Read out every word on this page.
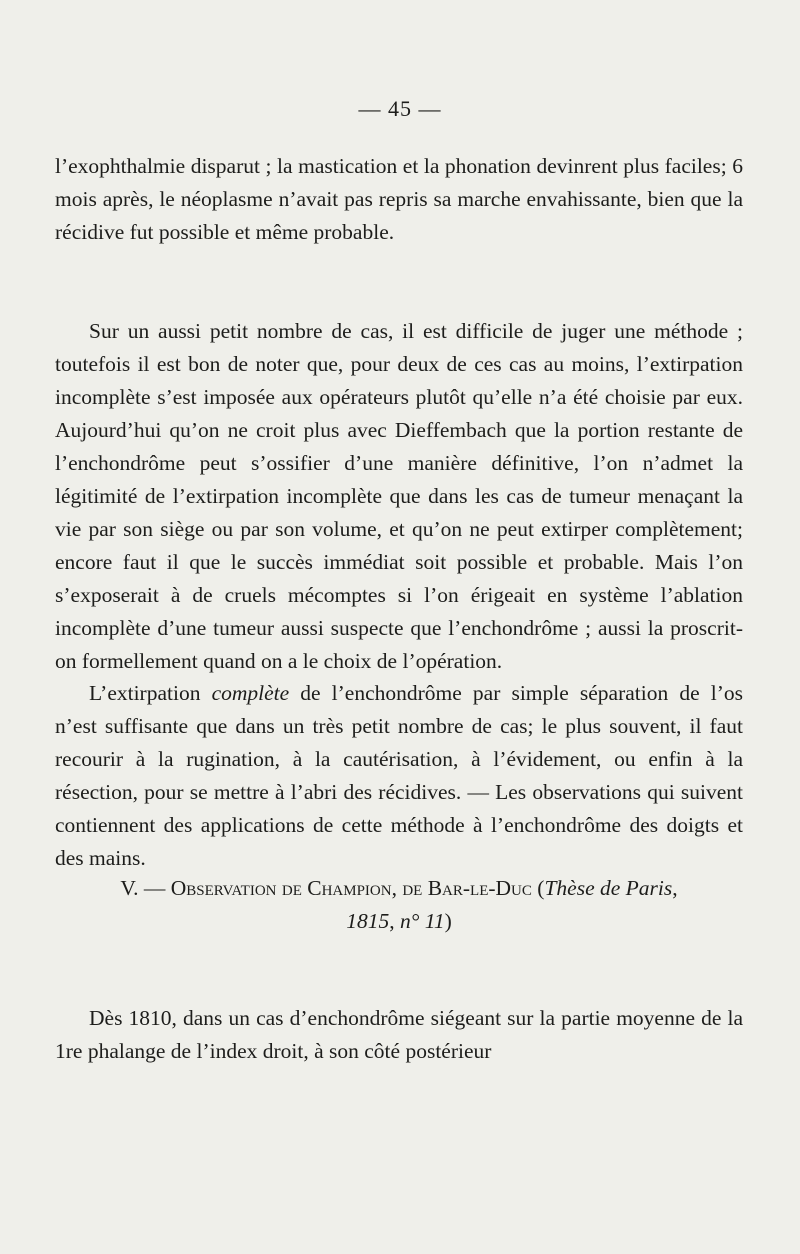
— 45 —

l’exophthalmie disparut ; la mastication et la phonation devinrent plus faciles; 6 mois après, le néoplasme n’avait pas repris sa marche envahissante, bien que la récidive fut possible et même probable.

Sur un aussi petit nombre de cas, il est difficile de juger une méthode ; toutefois il est bon de noter que, pour deux de ces cas au moins, l’extirpation incomplète s’est imposée aux opérateurs plutôt qu’elle n’a été choisie par eux. Aujourd’hui qu’on ne croit plus avec Dieffembach que la portion restante de l’enchondrôme peut s’ossifier d’une manière définitive, l’on n’admet la légitimité de l’extirpation incomplète que dans les cas de tumeur menaçant la vie par son siège ou par son volume, et qu’on ne peut extirper complètement; encore faut il que le succès immédiat soit possible et probable. Mais l’on s’exposerait à de cruels mécomptes si l’on érigeait en système l’ablation incomplète d’une tumeur aussi suspecte que l’enchondrôme ; aussi la proscrit-on formellement quand on a le choix de l’opération.

L’extirpation complète de l’enchondrôme par simple séparation de l’os n’est suffisante que dans un très petit nombre de cas; le plus souvent, il faut recourir à la rugination, à la cautérisation, à l’évidement, ou enfin à la résection, pour se mettre à l’abri des récidives. — Les observations qui suivent contiennent des applications de cette méthode à l’enchondrôme des doigts et des mains.

V. — Observation de Champion, de Bar-le-Duc (Thèse de Paris,
1815, n° 11)

Dès 1810, dans un cas d’enchondrôme siégeant sur la partie moyenne de la 1re phalange de l’index droit, à son côté postérieur
